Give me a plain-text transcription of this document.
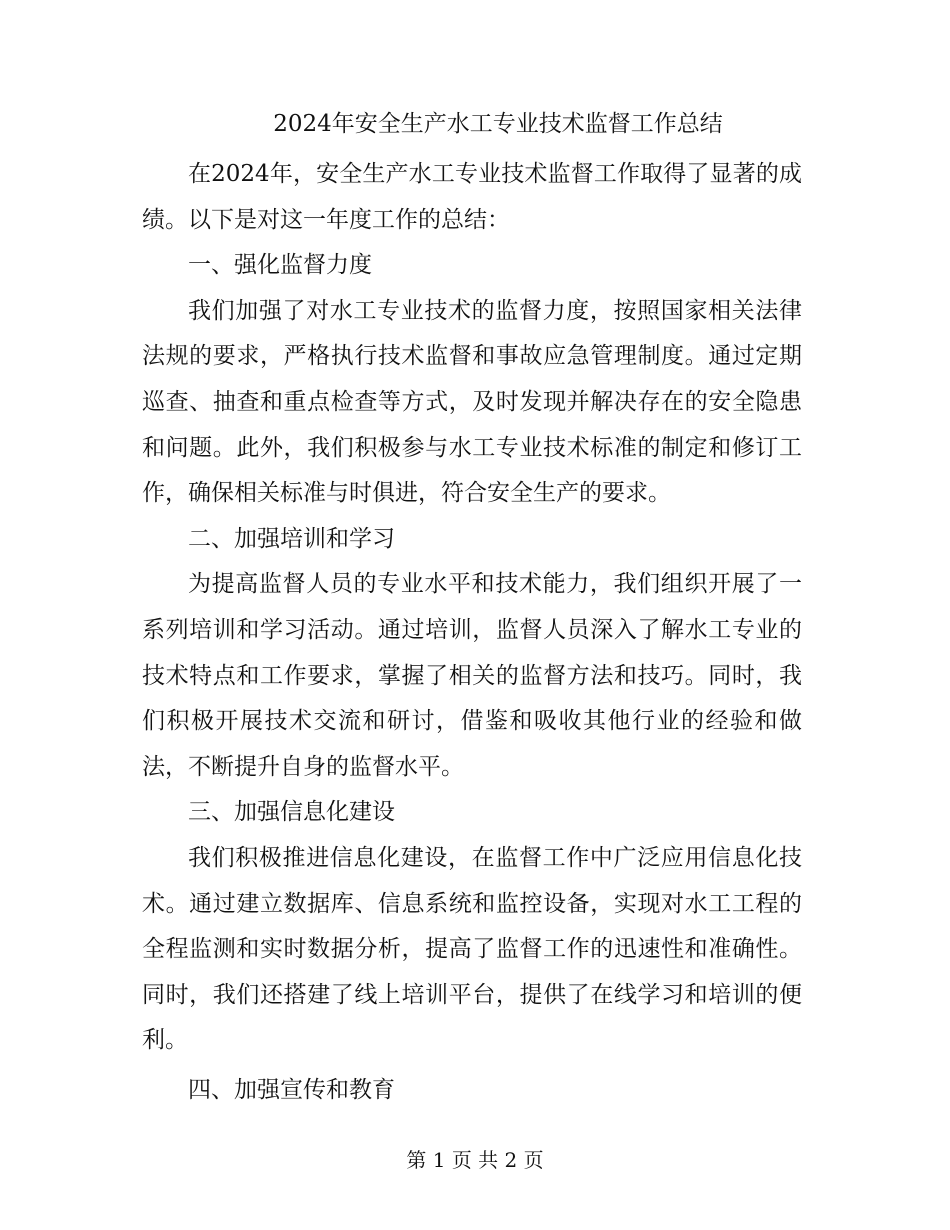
2024年安全生产水工专业技术监督工作总结

在2024年，安全生产水工专业技术监督工作取得了显著的成绩。以下是对这一年度工作的总结：

一、强化监督力度

我们加强了对水工专业技术的监督力度，按照国家相关法律法规的要求，严格执行技术监督和事故应急管理制度。通过定期巡查、抽查和重点检查等方式，及时发现并解决存在的安全隐患和问题。此外，我们积极参与水工专业技术标准的制定和修订工作，确保相关标准与时俱进，符合安全生产的要求。

二、加强培训和学习

为提高监督人员的专业水平和技术能力，我们组织开展了一系列培训和学习活动。通过培训，监督人员深入了解水工专业的技术特点和工作要求，掌握了相关的监督方法和技巧。同时，我们积极开展技术交流和研讨，借鉴和吸收其他行业的经验和做法，不断提升自身的监督水平。

三、加强信息化建设

我们积极推进信息化建设，在监督工作中广泛应用信息化技术。通过建立数据库、信息系统和监控设备，实现对水工工程的全程监测和实时数据分析，提高了监督工作的迅速性和准确性。同时，我们还搭建了线上培训平台，提供了在线学习和培训的便利。

四、加强宣传和教育

第 1 页 共 2 页
